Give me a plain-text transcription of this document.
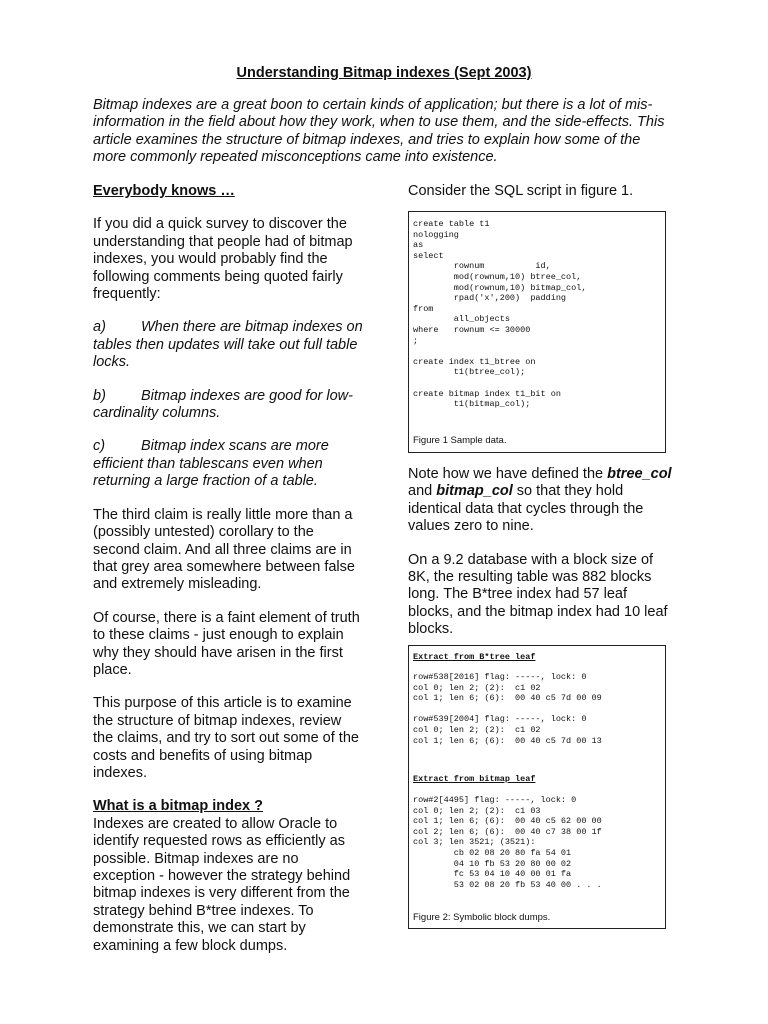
Understanding Bitmap indexes (Sept 2003)
Bitmap indexes are a great boon to certain kinds of application; but there is a lot of mis-information in the field about how they work, when to use them, and the side-effects. This article examines the structure of bitmap indexes, and tries to explain how some of the more commonly repeated misconceptions came into existence.

Everybody knows …

If you did a quick survey to discover the understanding that people had of bitmap indexes, you would probably find the following comments being quoted fairly frequently:

a) When there are bitmap indexes on tables then updates will take out full table locks.

b) Bitmap indexes are good for low-cardinality columns.

c) Bitmap index scans are more efficient than tablescans even when returning a large fraction of a table.

The third claim is really little more than a (possibly untested) corollary to the second claim. And all three claims are in that grey area somewhere between false and extremely misleading.

Of course, there is a faint element of truth to these claims - just enough to explain why they should have arisen in the first place.

This purpose of this article is to examine the structure of bitmap indexes, review the claims, and try to sort out some of the costs and benefits of using bitmap indexes.

What is a bitmap index ?
Indexes are created to allow Oracle to identify requested rows as efficiently as possible. Bitmap indexes are no exception - however the strategy behind bitmap indexes is very different from the strategy behind B*tree indexes. To demonstrate this, we can start by examining a few block dumps.
Consider the SQL script in figure 1.
create table t1
nologging
as
select
rownum          id,
mod(rownum,10) btree_col,
mod(rownum,10) bitmap_col,
rpad('x',200)  padding
from
all_objects
where   rownum <= 30000
;

create index t1_btree on
t1(btree_col);

create bitmap index t1_bit on
t1(bitmap_col);
Figure 1 Sample data.

Note how we have defined the btree_col and bitmap_col so that they hold identical data that cycles through the values zero to nine.

On a 9.2 database with a block size of 8K, the resulting table was 882 blocks long. The B*tree index had 57 leaf blocks, and the bitmap index had 10 leaf blocks.

Extract from B*tree leaf
row#538[2016] flag: -----, lock: 0
col 0; len 2; (2):  c1 02
col 1; len 6; (6):  00 40 c5 7d 00 09

row#539[2004] flag: -----, lock: 0
col 0; len 2; (2):  c1 02
col 1; len 6; (6):  00 40 c5 7d 00 13
Extract from bitmap leaf
row#2[4495] flag: -----, lock: 0
col 0; len 2; (2):  c1 03
col 1; len 6; (6):  00 40 c5 62 00 00
col 2; len 6; (6):  00 40 c7 38 00 1f
col 3; len 3521; (3521):
cb 02 08 20 80 fa 54 01
04 10 fb 53 20 80 00 02
fc 53 04 10 40 00 01 fa
53 02 08 20 fb 53 40 00 . . .
Figure 2: Symbolic block dumps.
